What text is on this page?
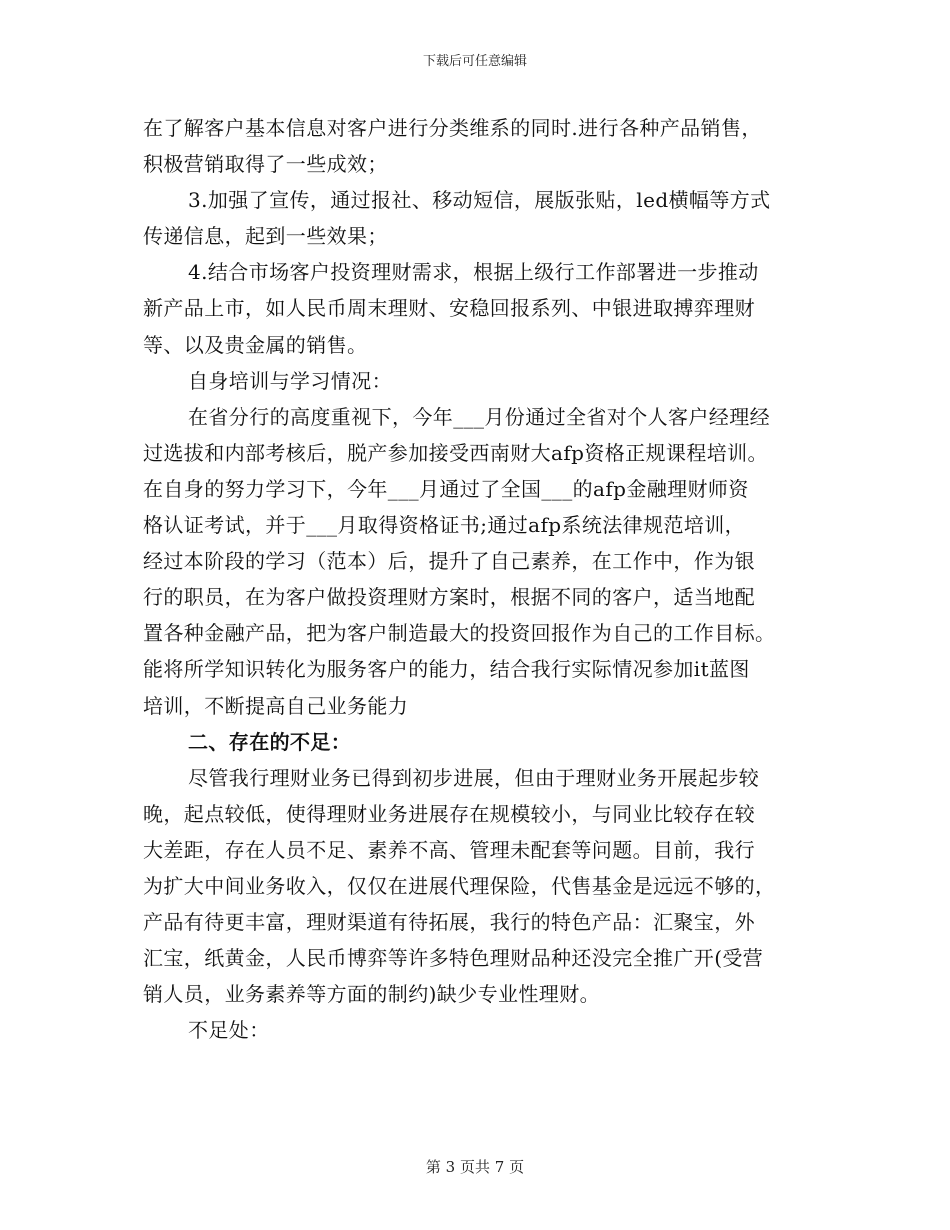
下载后可任意编辑
在了解客户基本信息对客户进行分类维系的同时.进行各种产品销售，
积极营销取得了一些成效；
3.加强了宣传，通过报社、移动短信，展版张贴，led横幅等方式
传递信息，起到一些效果；
4.结合市场客户投资理财需求，根据上级行工作部署进一步推动
新产品上市，如人民币周末理财、安稳回报系列、中银进取搏弈理财
等、以及贵金属的销售。
自身培训与学习情况：
在省分行的高度重视下，今年___月份通过全省对个人客户经理经
过选拔和内部考核后，脱产参加接受西南财大afp资格正规课程培训。
在自身的努力学习下，今年___月通过了全国___的afp金融理财师资
格认证考试，并于___月取得资格证书;通过afp系统法律规范培训，
经过本阶段的学习（范本）后，提升了自己素养，在工作中，作为银
行的职员，在为客户做投资理财方案时，根据不同的客户，适当地配
置各种金融产品，把为客户制造最大的投资回报作为自己的工作目标。
能将所学知识转化为服务客户的能力，结合我行实际情况参加it蓝图
培训，不断提高自己业务能力
二、存在的不足：
尽管我行理财业务已得到初步进展，但由于理财业务开展起步较
晚，起点较低，使得理财业务进展存在规模较小，与同业比较存在较
大差距，存在人员不足、素养不高、管理未配套等问题。目前，我行
为扩大中间业务收入，仅仅在进展代理保险，代售基金是远远不够的，
产品有待更丰富，理财渠道有待拓展，我行的特色产品：汇聚宝，外
汇宝，纸黄金，人民币博弈等许多特色理财品种还没完全推广开(受营
销人员，业务素养等方面的制约)缺少专业性理财。
不足处：
第 3 页共 7 页
